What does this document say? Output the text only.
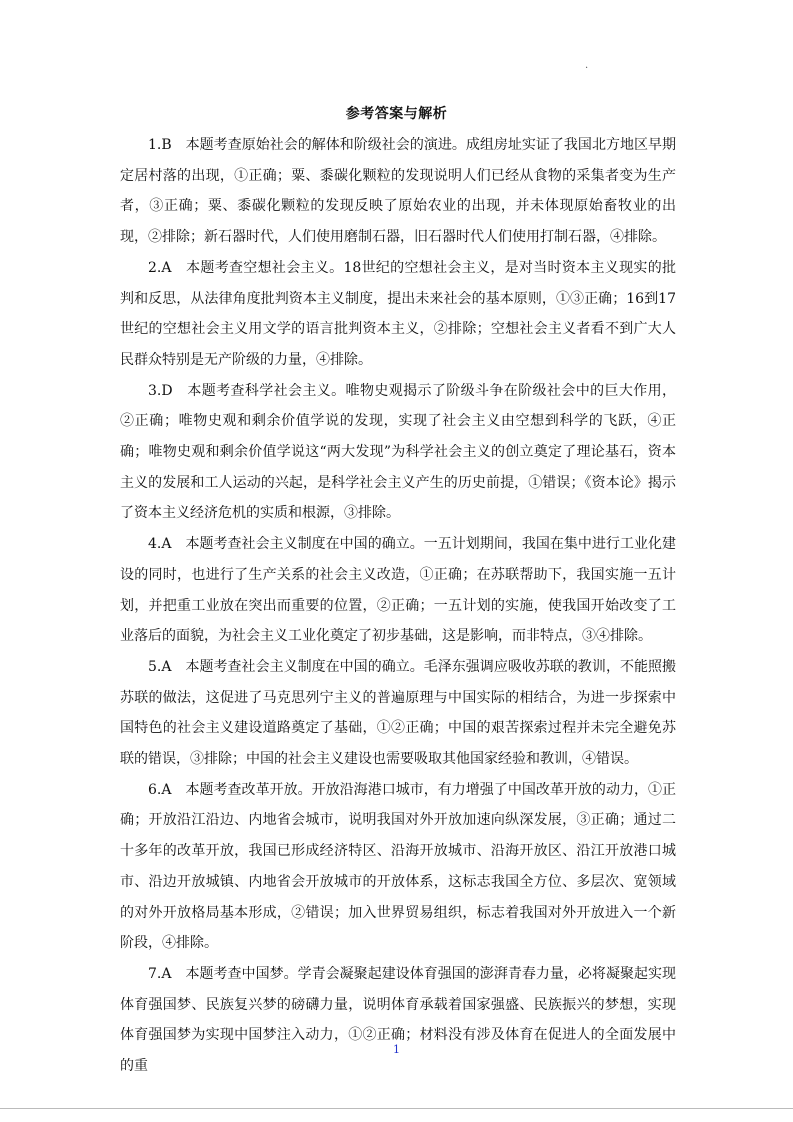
.
参考答案与解析

1.B　本题考查原始社会的解体和阶级社会的演进。成组房址实证了我国北方地区早期定居村落的出现，①正确；粟、黍碳化颗粒的发现说明人们已经从食物的采集者变为生产者，③正确；粟、黍碳化颗粒的发现反映了原始农业的出现，并未体现原始畜牧业的出现，②排除；新石器时代，人们使用磨制石器，旧石器时代人们使用打制石器，④排除。

2.A　本题考查空想社会主义。18世纪的空想社会主义，是对当时资本主义现实的批判和反思，从法律角度批判资本主义制度，提出未来社会的基本原则，①③正确；16到17世纪的空想社会主义用文学的语言批判资本主义，②排除；空想社会主义者看不到广大人民群众特别是无产阶级的力量，④排除。

3.D　本题考查科学社会主义。唯物史观揭示了阶级斗争在阶级社会中的巨大作用，②正确；唯物史观和剩余价值学说的发现，实现了社会主义由空想到科学的飞跃，④正确；唯物史观和剩余价值学说这“两大发现”为科学社会主义的创立奠定了理论基石，资本主义的发展和工人运动的兴起，是科学社会主义产生的历史前提，①错误；《资本论》揭示了资本主义经济危机的实质和根源，③排除。

4.A　本题考查社会主义制度在中国的确立。一五计划期间，我国在集中进行工业化建设的同时，也进行了生产关系的社会主义改造，①正确；在苏联帮助下，我国实施一五计划，并把重工业放在突出而重要的位置，②正确；一五计划的实施，使我国开始改变了工业落后的面貌，为社会主义工业化奠定了初步基础，这是影响，而非特点，③④排除。

5.A　本题考查社会主义制度在中国的确立。毛泽东强调应吸收苏联的教训，不能照搬苏联的做法，这促进了马克思列宁主义的普遍原理与中国实际的相结合，为进一步探索中国特色的社会主义建设道路奠定了基础，①②正确；中国的艰苦探索过程并未完全避免苏联的错误，③排除；中国的社会主义建设也需要吸取其他国家经验和教训，④错误。

6.A　本题考查改革开放。开放沿海港口城市，有力增强了中国改革开放的动力，①正确；开放沿江沿边、内地省会城市，说明我国对外开放加速向纵深发展，③正确；通过二十多年的改革开放，我国已形成经济特区、沿海开放城市、沿海开放区、沿江开放港口城市、沿边开放城镇、内地省会开放城市的开放体系，这标志我国全方位、多层次、宽领域的对外开放格局基本形成，②错误；加入世界贸易组织，标志着我国对外开放进入一个新阶段，④排除。

7.A　本题考查中国梦。学青会凝聚起建设体育强国的澎湃青春力量，必将凝聚起实现体育强国梦、民族复兴梦的磅礴力量，说明体育承载着国家强盛、民族振兴的梦想，实现体育强国梦为实现中国梦注入动力，①②正确；材料没有涉及体育在促进人的全面发展中的重

1
